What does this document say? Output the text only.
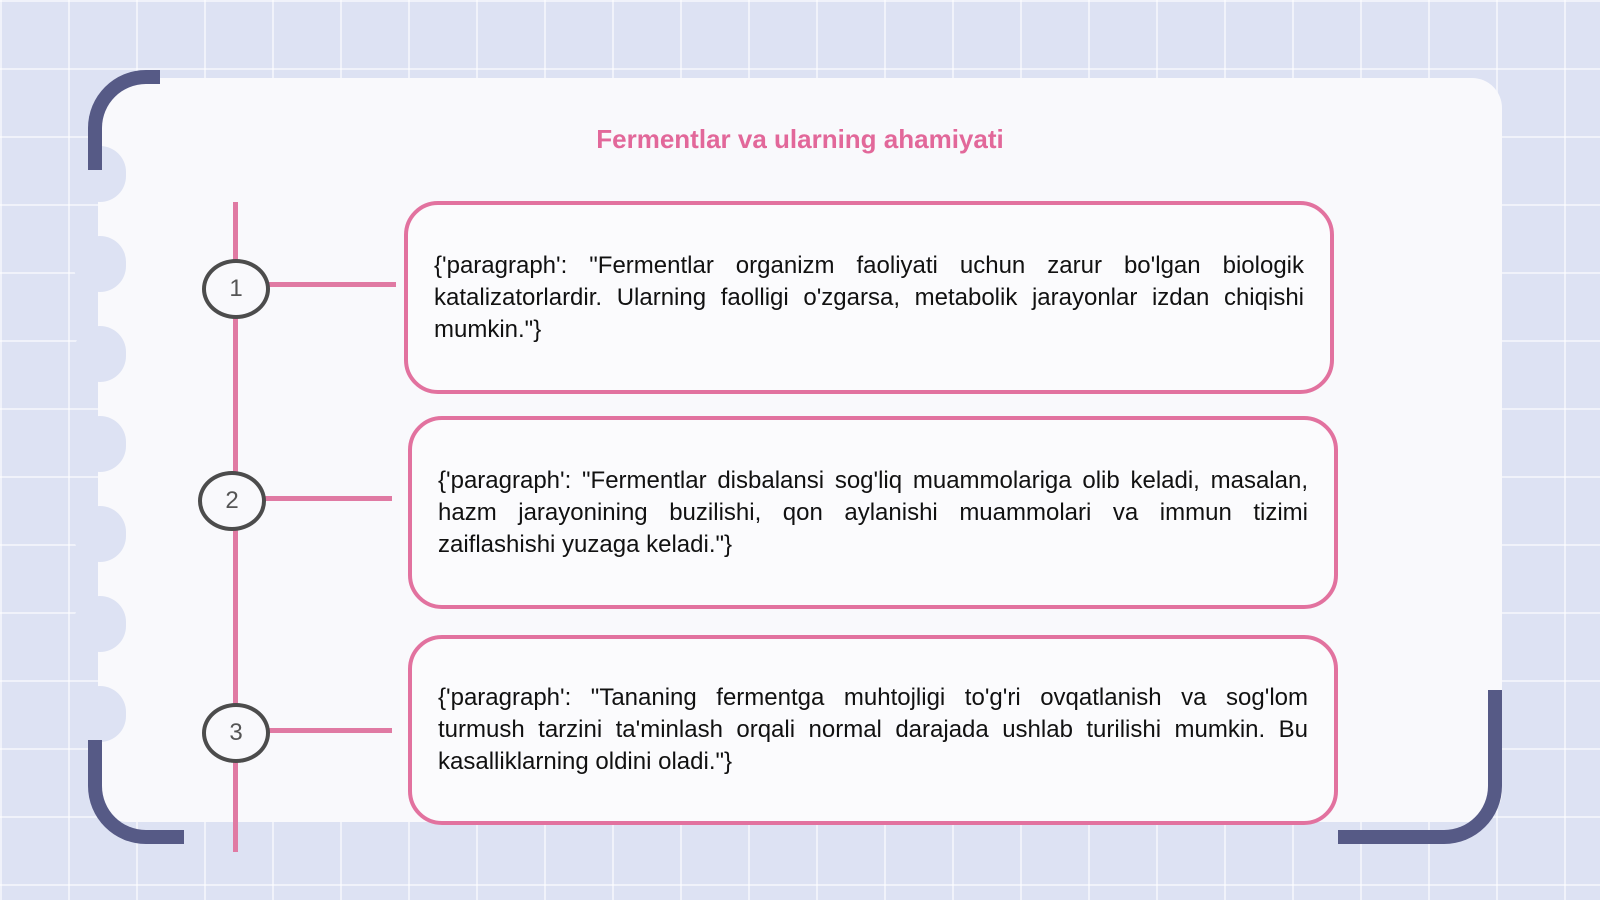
Fermentlar va ularning ahamiyati
1
{'paragraph': "Fermentlar organizm faoliyati uchun zarur bo'lgan biologik katalizatorlardir. Ularning faolligi o'zgarsa, metabolik jarayonlar izdan chiqishi mumkin."}
2
{'paragraph': "Fermentlar disbalansi sog'liq muammolariga olib keladi, masalan, hazm jarayonining buzilishi, qon aylanishi muammolari va immun tizimi zaiflashishi yuzaga keladi."}
3
{'paragraph': "Tananing fermentga muhtojligi to'g'ri ovqatlanish va sog'lom turmush tarzini ta'minlash orqali normal darajada ushlab turilishi mumkin. Bu kasalliklarning oldini oladi."}
